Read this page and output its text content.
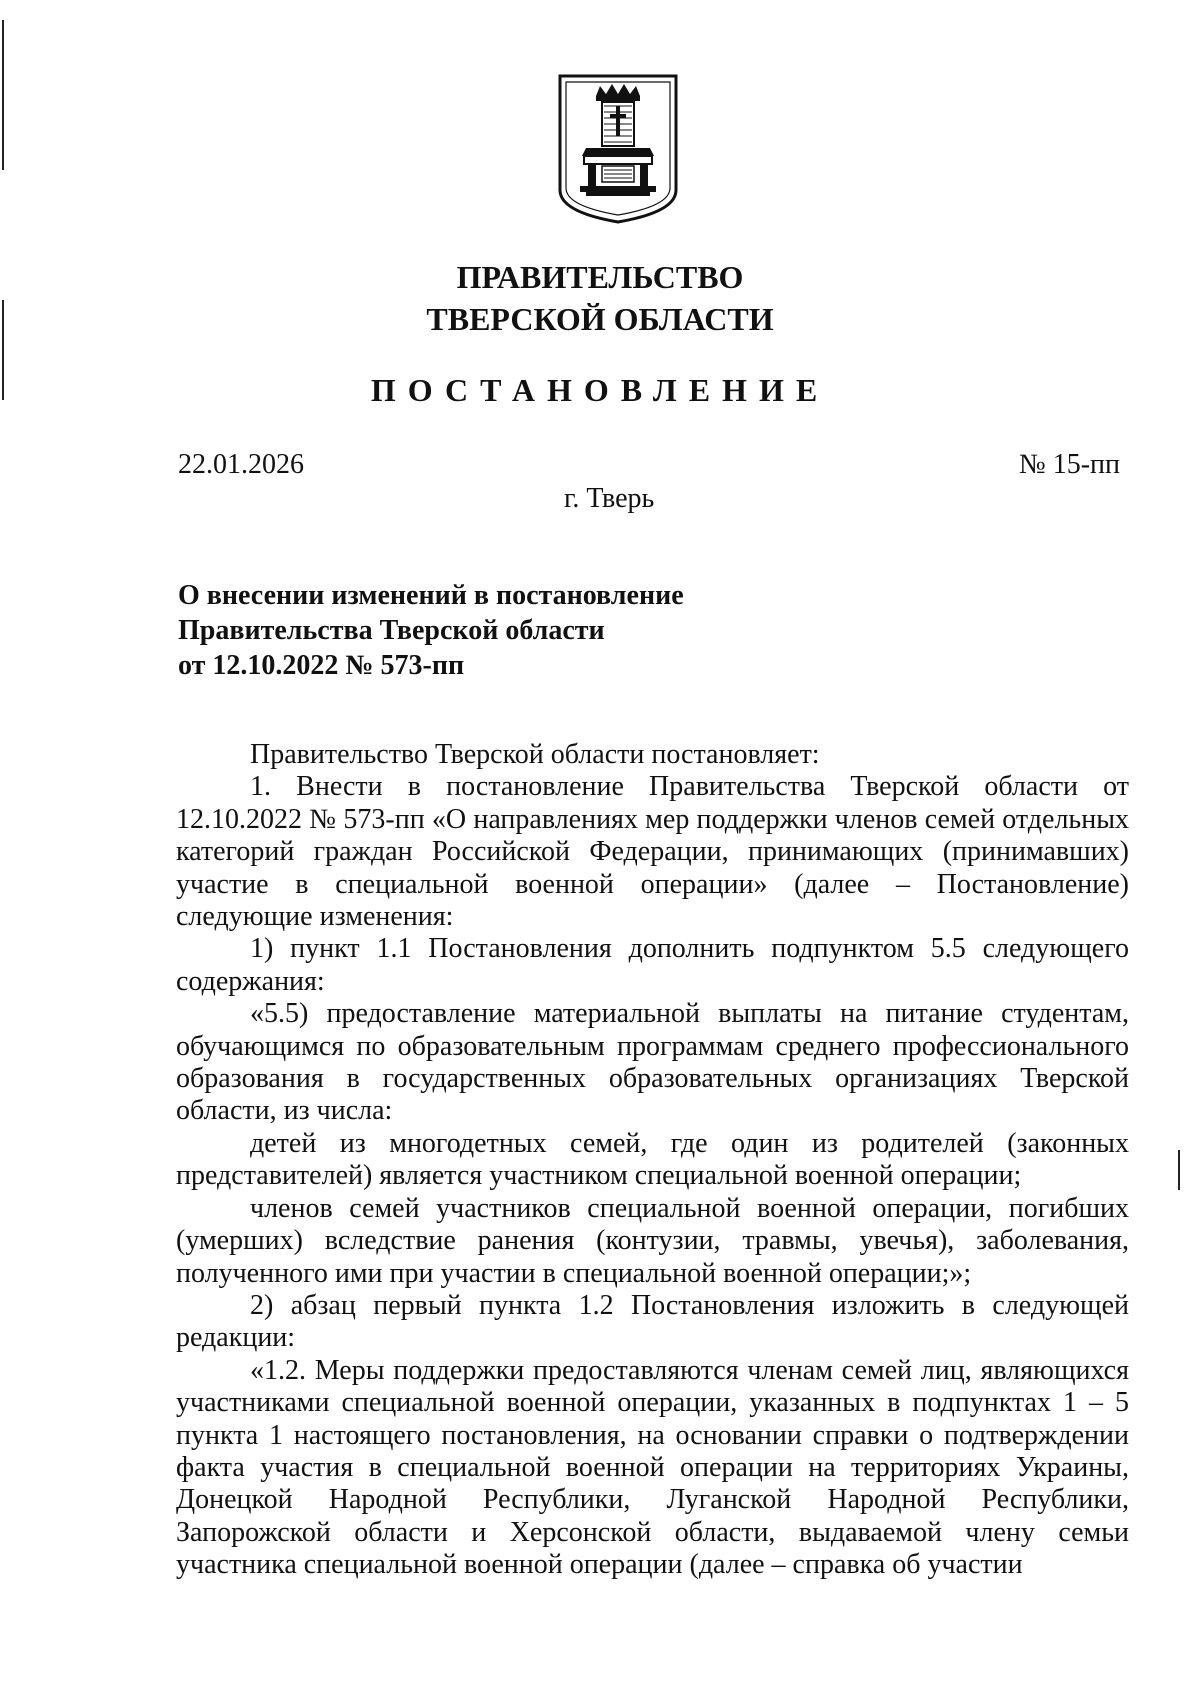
ПРАВИТЕЛЬСТВО
ТВЕРСКОЙ ОБЛАСТИ
ПОСТАНОВЛЕНИЕ
22.01.2026	№ 15-пп
г. Тверь
О внесении изменений в постановление
Правительства Тверской области
от 12.10.2022 № 573-пп

Правительство Тверской области постановляет:

1. Внести в постановление Правительства Тверской области от 12.10.2022 № 573-пп «О направлениях мер поддержки членов семей отдельных категорий граждан Российской Федерации, принимающих (принимавших) участие в специальной военной операции» (далее – Постановление) следующие изменения:

1) пункт 1.1 Постановления дополнить подпунктом 5.5 следующего содержания:

«5.5) предоставление материальной выплаты на питание студентам, обучающимся по образовательным программам среднего профессионального образования в государственных образовательных организациях Тверской области, из числа:

детей из многодетных семей, где один из родителей (законных представителей) является участником специальной военной операции;

членов семей участников специальной военной операции, погибших (умерших) вследствие ранения (контузии, травмы, увечья), заболевания, полученного ими при участии в специальной военной операции;»;

2) абзац первый пункта 1.2 Постановления изложить в следующей редакции:

«1.2. Меры поддержки предоставляются членам семей лиц, являющихся участниками специальной военной операции, указанных в подпунктах 1 – 5 пункта 1 настоящего постановления, на основании справки о подтверждении факта участия в специальной военной операции на территориях Украины, Донецкой Народной Республики, Луганской Народной Республики, Запорожской области и Херсонской области, выдаваемой члену семьи участника специальной военной операции (далее – справка об участии
